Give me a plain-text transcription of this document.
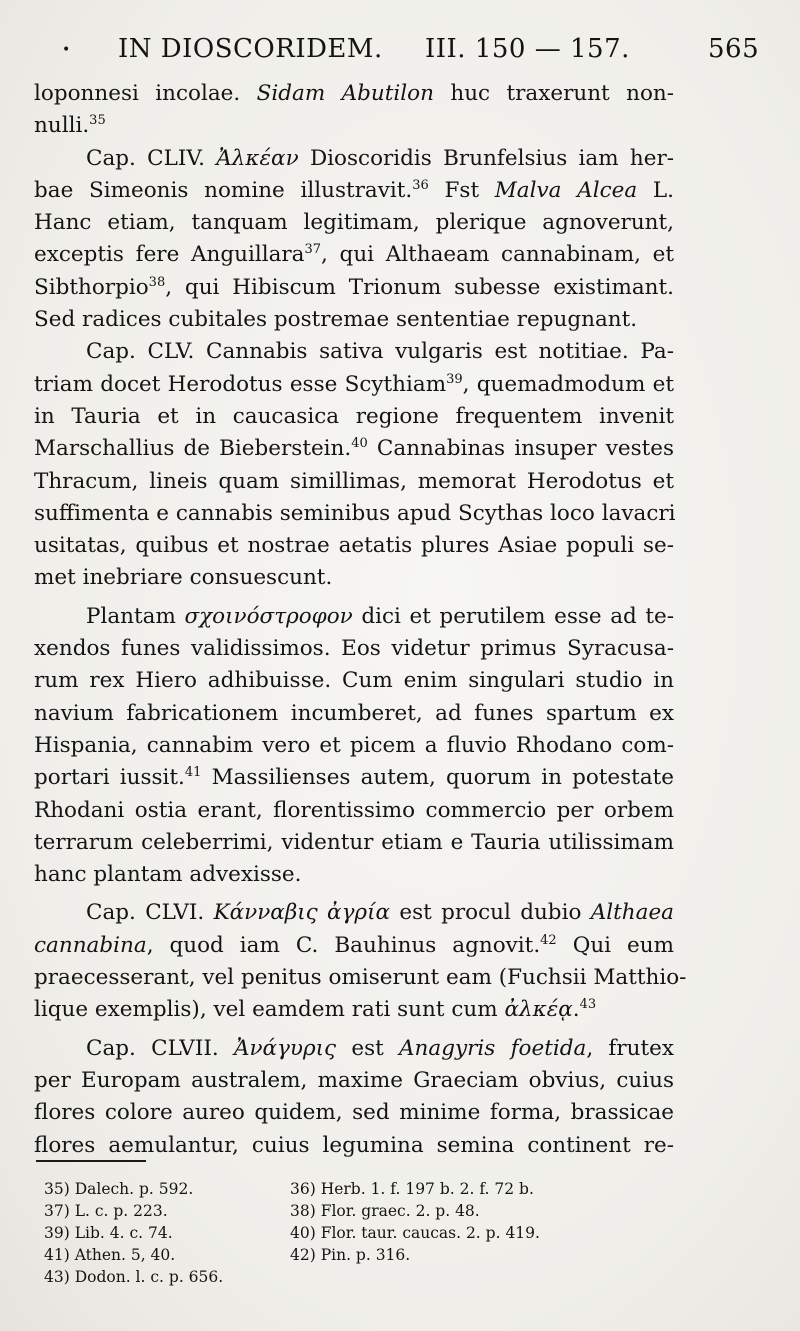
• IN DIOSCORIDEM. III. 150 — 157.	565
loponnesi incolae. Sidam Abutilon huc traxerunt non-
nulli.$^{35}$
Cap. CLIV. Ἀλκέαν Dioscoridis Brunfelsius iam her-
bae Simeonis nomine illustravit.$^{36}$ Fst Malva Alcea L.
Hanc etiam, tanquam legitimam, plerique agnoverunt,
exceptis fere Anguillara$^{37}$, qui Althaeam cannabinam, et
Sibthorpio$^{38}$, qui Hibiscum Trionum subesse existimant.
Sed radices cubitales postremae sententiae repugnant.
Cap. CLV. Cannabis sativa vulgaris est notitiae. Pa-
triam docet Herodotus esse Scythiam$^{39}$, quemadmodum et
in Tauria et in caucasica regione frequentem invenit
Marschallius de Bieberstein.$^{40}$ Cannabinas insuper vestes
Thracum, lineis quam simillimas, memorat Herodotus et
suffimenta e cannabis seminibus apud Scythas loco lavacri
usitatas, quibus et nostrae aetatis plures Asiae populi se-
met inebriare consuescunt.
Plantam σχοινόστροφον dici et perutilem esse ad te-
xendos funes validissimos. Eos videtur primus Syracusa-
rum rex Hiero adhibuisse. Cum enim singulari studio in
navium fabricationem incumberet, ad funes spartum ex
Hispania, cannabim vero et picem a fluvio Rhodano com-
portari iussit.$^{41}$ Massilienses autem, quorum in potestate
Rhodani ostia erant, florentissimo commercio per orbem
terrarum celeberrimi, videntur etiam e Tauria utilissimam
hanc plantam advexisse.
Cap. CLVI. Κάνναβις ἀγρία est procul dubio Althaea
cannabina, quod iam C. Bauhinus agnovit.$^{42}$ Qui eum
praecesserant, vel penitus omiserunt eam (Fuchsii Matthio-
lique exemplis), vel eamdem rati sunt cum ἀλκέᾳ.$^{43}$
Cap. CLVII. Ἀνάγυρις est Anagyris foetida, frutex
per Europam australem, maxime Graeciam obvius, cuius
flores colore aureo quidem, sed minime forma, brassicae
flores aemulantur, cuius legumina semina continent re-
35) Dalech. p. 592.	36) Herb. 1. f. 197 b. 2. f. 72 b.
37) L. c. p. 223.	38) Flor. graec. 2. p. 48.
39) Lib. 4. c. 74.	40) Flor. taur. caucas. 2. p. 419.
41) Athen. 5, 40.	42) Pin. p. 316.
43) Dodon. l. c. p. 656.
